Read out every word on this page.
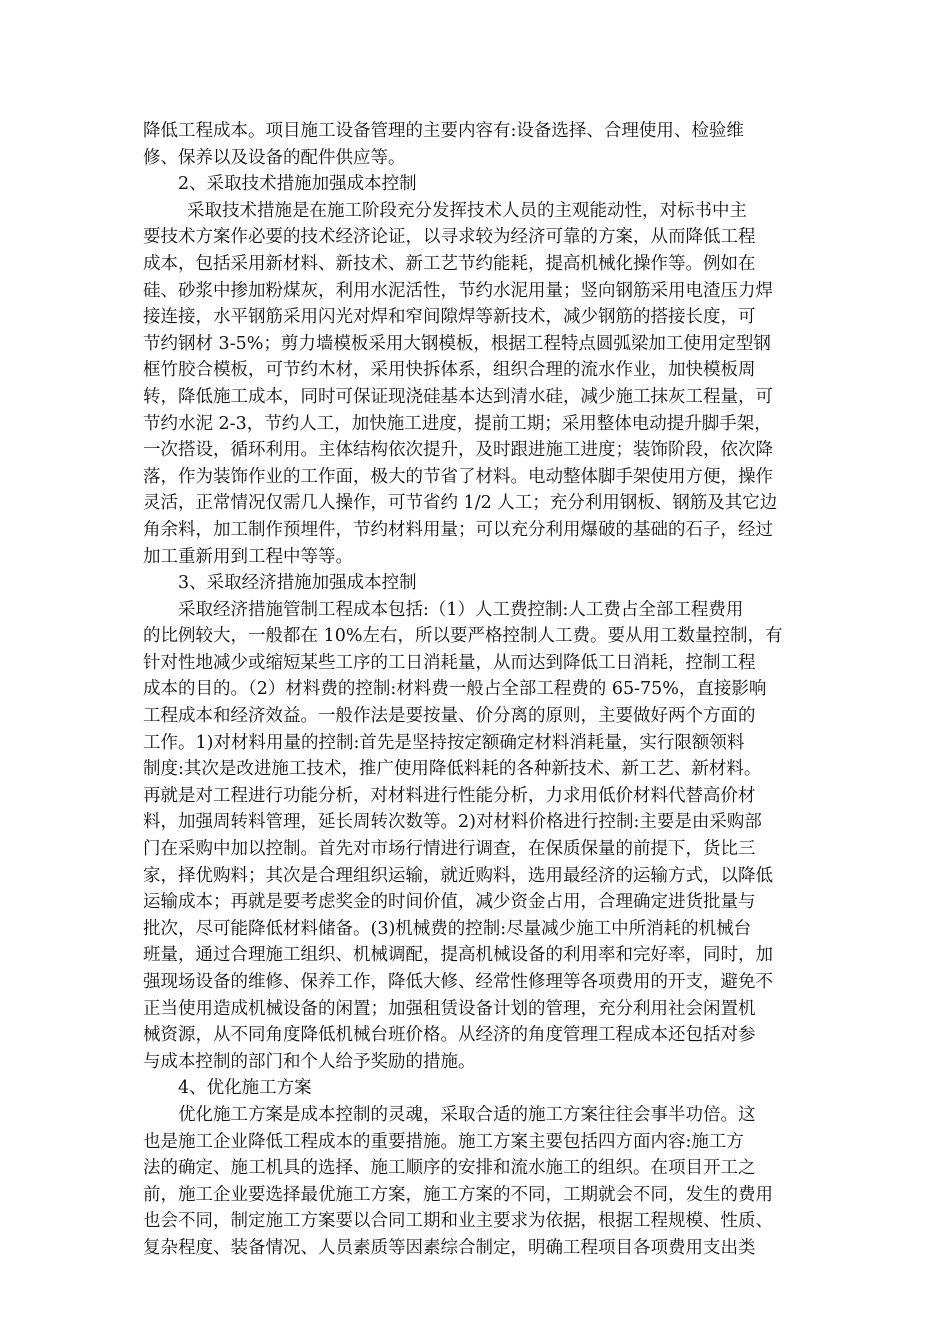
降低工程成本。项目施工设备管理的主要内容有:设备选择、合理使用、检验维
修、保养以及设备的配件供应等。
2、采取技术措施加强成本控制
采取技术措施是在施工阶段充分发挥技术人员的主观能动性，对标书中主
要技术方案作必要的技术经济论证，以寻求较为经济可靠的方案，从而降低工程
成本，包括采用新材料、新技术、新工艺节约能耗，提高机械化操作等。例如在
硅、砂浆中掺加粉煤灰，利用水泥活性，节约水泥用量；竖向钢筋采用电渣压力焊
接连接，水平钢筋采用闪光对焊和窄间隙焊等新技术，减少钢筋的搭接长度，可
节约钢材 3-5%；剪力墙模板采用大钢模板，根据工程特点圆弧梁加工使用定型钢
框竹胶合模板，可节约木材，采用快拆体系，组织合理的流水作业，加快模板周
转，降低施工成本，同时可保证现浇硅基本达到清水硅，减少施工抹灰工程量，可
节约水泥 2-3，节约人工，加快施工进度，提前工期；采用整体电动提升脚手架，
一次搭设，循环利用。主体结构依次提升，及时跟进施工进度；装饰阶段，依次降
落，作为装饰作业的工作面，极大的节省了材料。电动整体脚手架使用方便，操作
灵活，正常情况仅需几人操作，可节省约 1/2 人工；充分利用钢板、钢筋及其它边
角余料，加工制作预埋件，节约材料用量；可以充分利用爆破的基础的石子，经过
加工重新用到工程中等等。
3、采取经济措施加强成本控制
采取经济措施管制工程成本包括:（1）人工费控制:人工费占全部工程费用
的比例较大，一般都在 10%左右，所以要严格控制人工费。要从用工数量控制，有
针对性地减少或缩短某些工序的工日消耗量，从而达到降低工日消耗，控制工程
成本的目的。（2）材料费的控制:材料费一般占全部工程费的 65-75%，直接影响
工程成本和经济效益。一般作法是要按量、价分离的原则，主要做好两个方面的
工作。1)对材料用量的控制:首先是坚持按定额确定材料消耗量，实行限额领料
制度:其次是改进施工技术，推广使用降低料耗的各种新技术、新工艺、新材料。
再就是对工程进行功能分析，对材料进行性能分析，力求用低价材料代替高价材
料，加强周转料管理，延长周转次数等。2)对材料价格进行控制:主要是由采购部
门在采购中加以控制。首先对市场行情进行调查，在保质保量的前提下，货比三
家，择优购料；其次是合理组织运输，就近购料，选用最经济的运输方式，以降低
运输成本；再就是要考虑奖金的时间价值，减少资金占用，合理确定进货批量与
批次，尽可能降低材料储备。(3)机械费的控制:尽量减少施工中所消耗的机械台
班量，通过合理施工组织、机械调配，提高机械设备的利用率和完好率，同时，加
强现场设备的维修、保养工作，降低大修、经常性修理等各项费用的开支，避免不
正当使用造成机械设备的闲置；加强租赁设备计划的管理，充分利用社会闲置机
械资源，从不同角度降低机械台班价格。从经济的角度管理工程成本还包括对参
与成本控制的部门和个人给予奖励的措施。
4、优化施工方案
优化施工方案是成本控制的灵魂，采取合适的施工方案往往会事半功倍。这
也是施工企业降低工程成本的重要措施。施工方案主要包括四方面内容:施工方
法的确定、施工机具的选择、施工顺序的安排和流水施工的组织。在项目开工之
前，施工企业要选择最优施工方案，施工方案的不同，工期就会不同，发生的费用
也会不同，制定施工方案要以合同工期和业主要求为依据，根据工程规模、性质、
复杂程度、装备情况、人员素质等因素综合制定，明确工程项目各项费用支出类
